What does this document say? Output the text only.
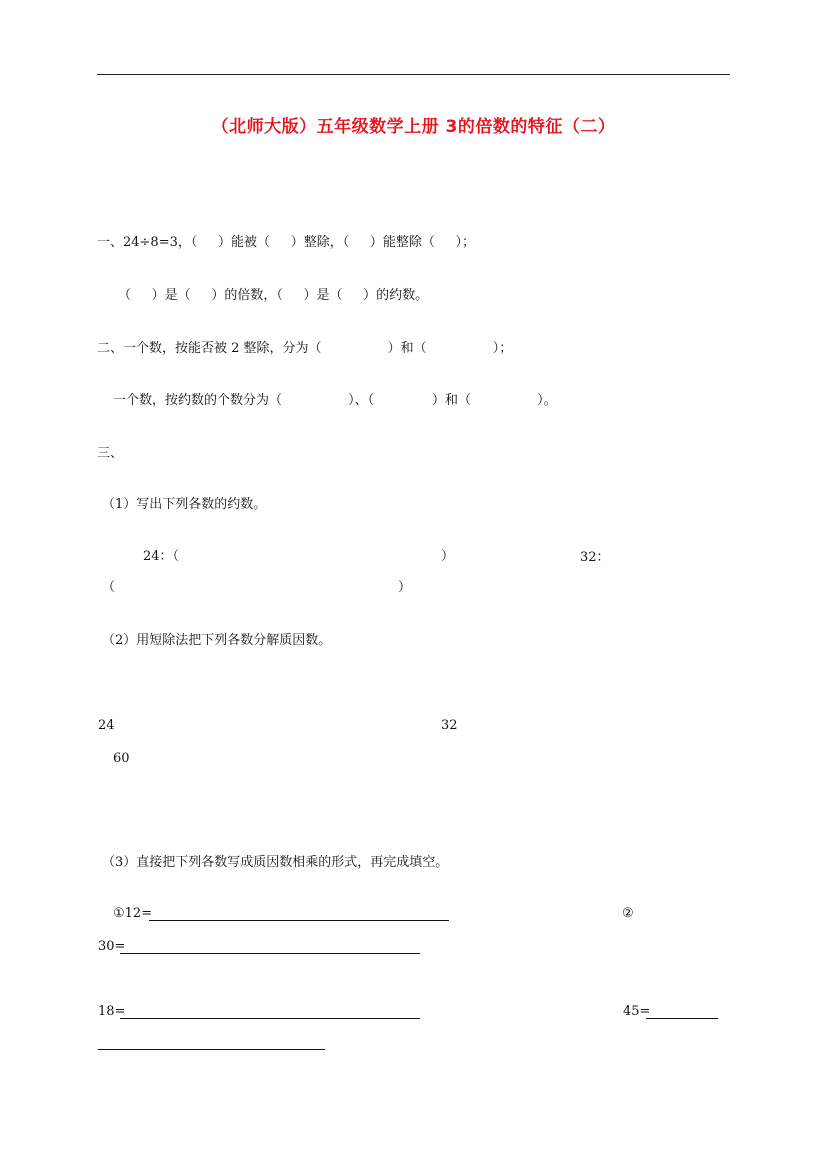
（北师大版）五年级数学上册 3的倍数的特征（二）
一、24÷8=3，（     ）能被（     ）整除，（     ）能整除（     ）；
（     ）是（     ）的倍数，（     ）是（     ）的约数。
二、一个数，按能否被 2 整除，分为（                ）和（                ）；
一个数，按约数的个数分为（                ）、（              ）和（                ）。
三、
（1）写出下列各数的约数。
24：（	）	32：
（	）
（2）用短除法把下列各数分解质因数。
24	32
60
（3）直接把下列各数写成质因数相乘的形式，再完成填空。
①12=	②
30=
18=	45=
